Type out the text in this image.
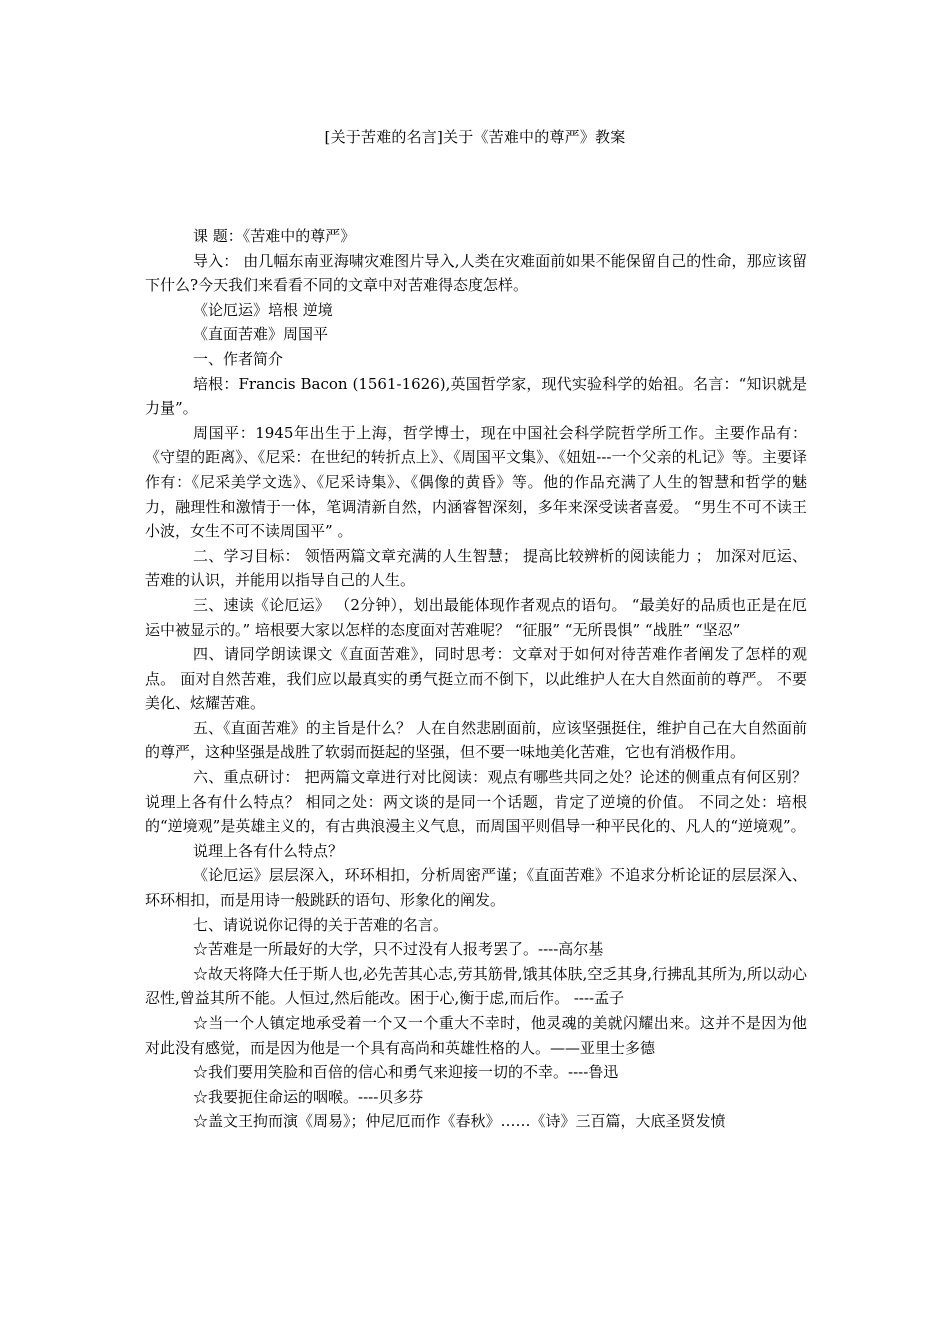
[关于苦难的名言]关于《苦难中的尊严》教案

课 题：《苦难中的尊严》

导入： 由几幅东南亚海啸灾难图片导入,人类在灾难面前如果不能保留自己的性命，那应该留下什么?今天我们来看看不同的文章中对苦难得态度怎样。

《论厄运》培根 逆境

《直面苦难》周国平

一、作者简介

培根：Francis Bacon (1561-1626),英国哲学家，现代实验科学的始祖。名言：“知识就是力量”。

周国平：1945年出生于上海，哲学博士，现在中国社会科学院哲学所工作。主要作品有：《守望的距离》、《尼采：在世纪的转折点上》、《周国平文集》、《妞妞---一个父亲的札记》等。主要译作有：《尼采美学文选》、《尼采诗集》、《偶像的黄昏》等。他的作品充满了人生的智慧和哲学的魅力，融理性和激情于一体，笔调清新自然，内涵睿智深刻，多年来深受读者喜爱。 “男生不可不读王小波，女生不可不读周国平” 。

二、学习目标： 领悟两篇文章充满的人生智慧； 提高比较辨析的阅读能力 ； 加深对厄运、苦难的认识，并能用以指导自己的人生。

三、速读《论厄运》 （2分钟），划出最能体现作者观点的语句。 “最美好的品质也正是在厄运中被显示的。” 培根要大家以怎样的态度面对苦难呢？ “征服” “无所畏惧” “战胜” “坚忍”

四、请同学朗读课文《直面苦难》，同时思考：文章对于如何对待苦难作者阐发了怎样的观点。 面对自然苦难，我们应以最真实的勇气挺立而不倒下，以此维护人在大自然面前的尊严。 不要美化、炫耀苦难。

五、《直面苦难》的主旨是什么？ 人在自然悲剧面前，应该坚强挺住，维护自己在大自然面前的尊严，这种坚强是战胜了软弱而挺起的坚强，但不要一味地美化苦难，它也有消极作用。

六、重点研讨： 把两篇文章进行对比阅读：观点有哪些共同之处？论述的侧重点有何区别？说理上各有什么特点？ 相同之处：两文谈的是同一个话题，肯定了逆境的价值。 不同之处：培根的“逆境观”是英雄主义的，有古典浪漫主义气息，而周国平则倡导一种平民化的、凡人的“逆境观”。

说理上各有什么特点？

《论厄运》层层深入，环环相扣，分析周密严谨；《直面苦难》不追求分析论证的层层深入、环环相扣，而是用诗一般跳跃的语句、形象化的阐发。

七、请说说你记得的关于苦难的名言。

☆苦难是一所最好的大学，只不过没有人报考罢了。----高尔基

☆故天将降大任于斯人也,必先苦其心志,劳其筋骨,饿其体肤,空乏其身,行拂乱其所为,所以动心忍性,曾益其所不能。人恒过,然后能改。困于心,衡于虑,而后作。 ----孟子

☆当一个人镇定地承受着一个又一个重大不幸时，他灵魂的美就闪耀出来。这并不是因为他对此没有感觉，而是因为他是一个具有高尚和英雄性格的人。——亚里士多德

☆我们要用笑脸和百倍的信心和勇气来迎接一切的不幸。----鲁迅

☆我要扼住命运的咽喉。----贝多芬

☆盖文王拘而演《周易》；仲尼厄而作《春秋》……《诗》三百篇，大底圣贤发愤
